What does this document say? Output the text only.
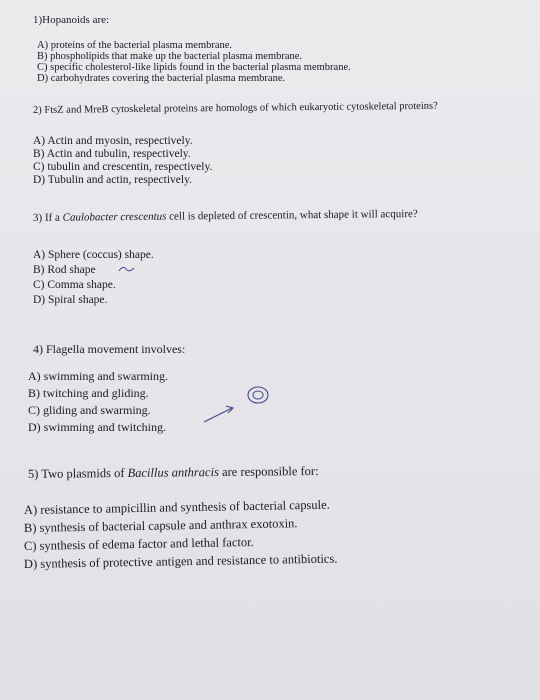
1)Hopanoids are:
A) proteins of the bacterial plasma membrane.
B) phospholipids that make up the bacterial plasma membrane.
C) specific cholesterol-like lipids found in the bacterial plasma membrane.
D) carbohydrates covering the bacterial plasma membrane.
2) FtsZ and MreB cytoskeletal proteins are homologs of which eukaryotic cytoskeletal proteins?
A) Actin and myosin, respectively.
B) Actin and tubulin, respectively.
C) tubulin and crescentin, respectively.
D) Tubulin and actin, respectively.
3) If a Caulobacter crescentus cell is depleted of crescentin, what shape it will acquire?
A) Sphere (coccus) shape.
B) Rod shape
C) Comma shape.
D) Spiral shape.
4) Flagella movement involves:
A) swimming and swarming.
B) twitching and gliding.
C) gliding and swarming.
D) swimming and twitching.
5) Two plasmids of Bacillus anthracis are responsible for:
A) resistance to ampicillin and synthesis of bacterial capsule.
B) synthesis of bacterial capsule and anthrax exotoxin.
C) synthesis of edema factor and lethal factor.
D) synthesis of protective antigen and resistance to antibiotics.
